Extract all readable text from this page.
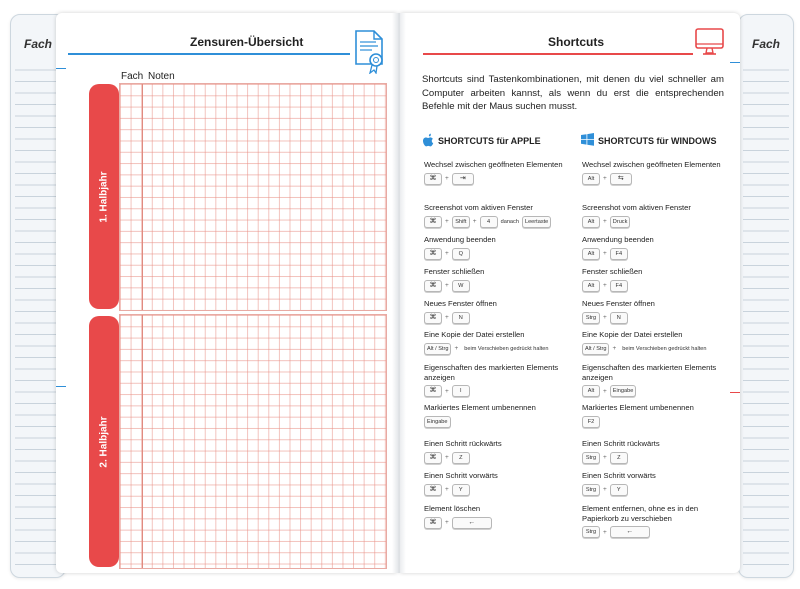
Fach	Fach
Zensuren-Übersicht
Fach Noten
1. Halbjahr
2. Halbjahr
Shortcuts
Shortcuts sind Tastenkombinationen, mit denen du viel schneller am Computer arbeiten kannst, als wenn du erst die entsprechenden Befehle mit der Maus suchen musst.
SHORTCUTS für APPLE	SHORTCUTS für WINDOWS
Wechsel zwischen geöffneten Elementen
⌘	+	⇥
Screenshot vom aktiven Fenster
⌘	+	Shift +	4	danach	Leertaste
Anwendung beenden
⌘	+	Q
Fenster schließen
⌘	+	W
Neues Fenster öffnen
⌘	+	N
Eine Kopie der Datei erstellen
Alt / Strg + beim Verschieben gedrückt halten
Eigenschaften des markierten Elements anzeigen
⌘	+	I
Markiertes Element umbenennen
Eingabe
Einen Schritt rückwärts
⌘	+	Z
Einen Schritt vorwärts
⌘	+	Y
Element löschen
⌘	+	←
Wechsel zwischen geöffneten Elementen
Alt	+	⇆
Screenshot vom aktiven Fenster
Alt	+	Druck
Anwendung beenden
Alt	+	F4
Fenster schließen
Alt	+	F4
Neues Fenster öffnen
Strg	+	N
Eine Kopie der Datei erstellen
Alt / Strg + beim Verschieben gedrückt halten
Eigenschaften des markierten Elements anzeigen
Alt	+	Eingabe
Markiertes Element umbenennen
F2
Einen Schritt rückwärts
Strg	+	Z
Einen Schritt vorwärts
Strg	+	Y
Element entfernen, ohne es in den Papierkorb zu verschieben
Strg	+	←
